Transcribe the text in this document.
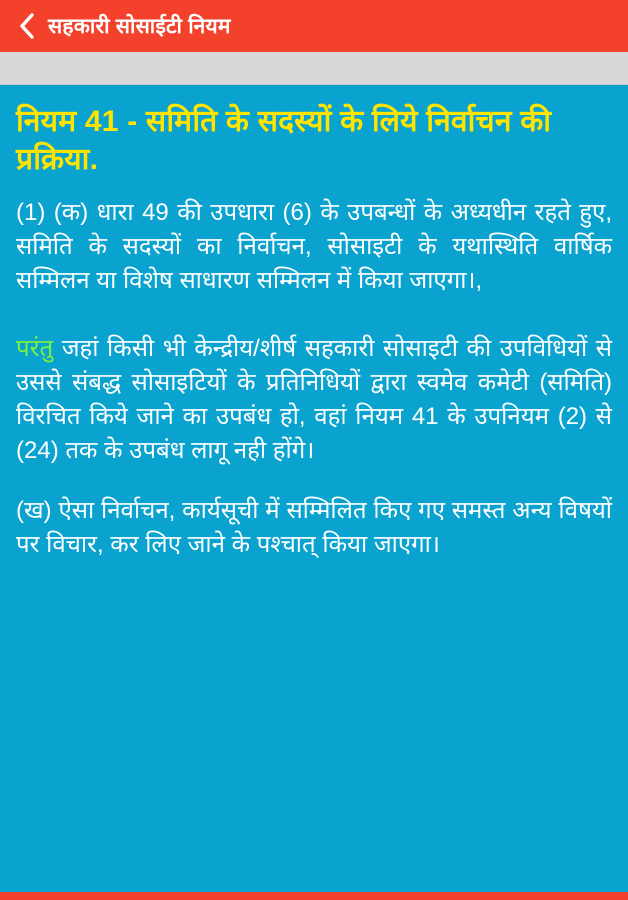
सहकारी सोसाईटी नियम
नियम 41 - समिति के सदस्यों के लिये निर्वाचन की प्रक्रिया.

(1) (क) धारा 49 की उपधारा (6) के उपबन्धों के अध्यधीन रहते हुए, समिति के सदस्यों का निर्वाचन, सोसाइटी के यथास्थिति वार्षिक सम्मिलन या विशेष साधारण सम्मिलन में किया जाएगा।,

परंतु जहां किसी भी केन्द्रीय/शीर्ष सहकारी सोसाइटी की उपविधियों से उससे संबद्ध सोसाइटियों के प्रतिनिधियों द्वारा स्वमेव कमेटी (समिति) विरचित किये जाने का उपबंध हो, वहां नियम 41 के उपनियम (2) से (24) तक के उपबंध लागू नही होंगे।

(ख) ऐसा निर्वाचन, कार्यसूची में सम्मिलित किए गए समस्त अन्य विषयों पर विचार, कर लिए जाने के पश्चात् किया जाएगा।
